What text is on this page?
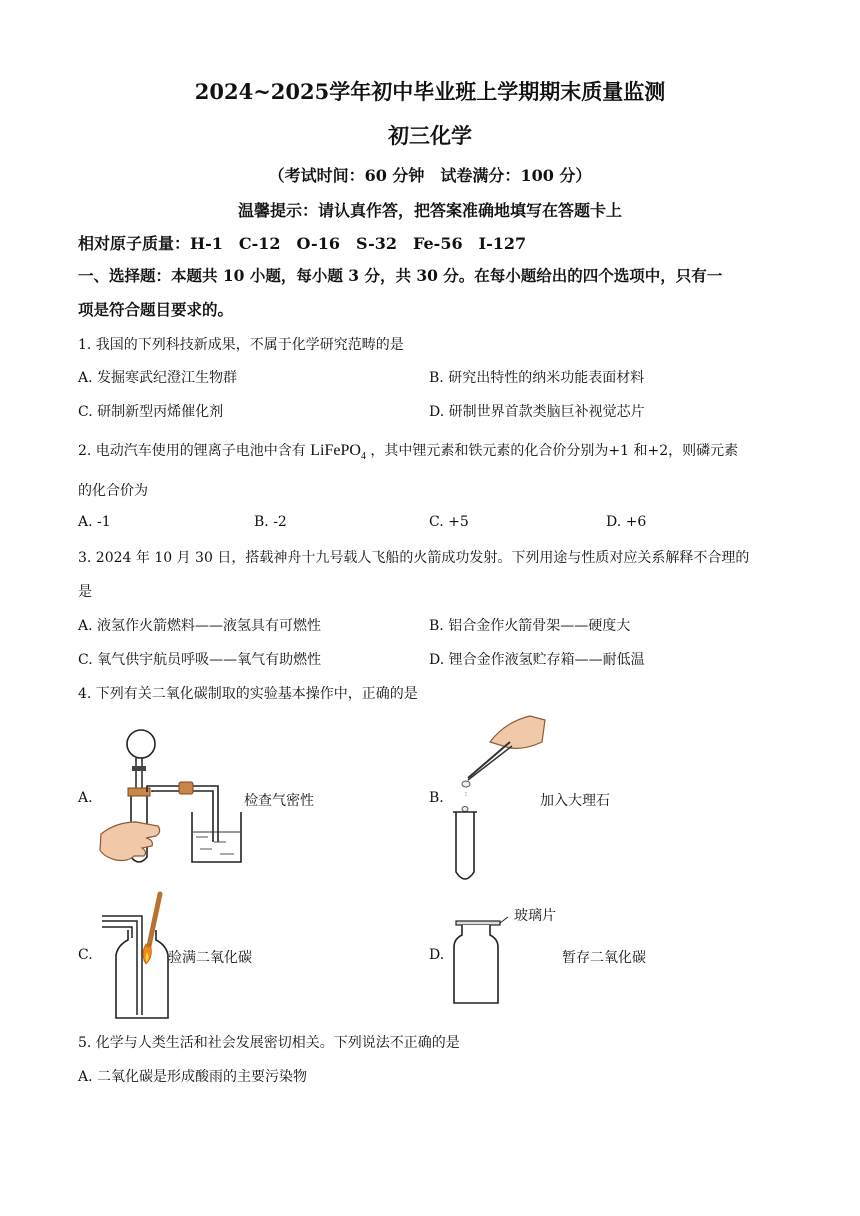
2024~2025学年初中毕业班上学期期末质量监测
初三化学
（考试时间：60 分钟　试卷满分：100 分）
温馨提示：请认真作答，把答案准确地填写在答题卡上
相对原子质量：H-1　C-12　O-16　S-32　Fe-56　I-127
一、选择题：本题共 10 小题，每小题 3 分，共 30 分。在每小题给出的四个选项中，只有一
项是符合题目要求的。
1. 我国的下列科技新成果，不属于化学研究范畴的是
A. 发掘寒武纪澄江生物群	B. 研究出特性的纳米功能表面材料
C. 研制新型丙烯催化剂	D. 研制世界首款类脑巨补视觉芯片
2. 电动汽车使用的锂离子电池中含有 LiFePO$_4$ ，其中锂元素和铁元素的化合价分别为+1 和+2，则磷元素
的化合价为
A. -1	B. -2	C. +5	D. +6
3. 2024 年 10 月 30 日，搭载神舟十九号载人飞船的火箭成功发射。下列用途与性质对应关系解释不合理的
是
A. 液氢作火箭燃料——液氢具有可燃性	B. 铝合金作火箭骨架——硬度大
C. 氧气供宇航员呼吸——氧气有助燃性	D. 锂合金作液氢贮存箱——耐低温
4. 下列有关二氧化碳制取的实验基本操作中，正确的是
A.	检查气密性	B.	加入大理石
C.	验满二氧化碳	D.	暂存二氧化碳
玻璃片
5. 化学与人类生活和社会发展密切相关。下列说法不正确的是
A. 二氧化碳是形成酸雨的主要污染物
